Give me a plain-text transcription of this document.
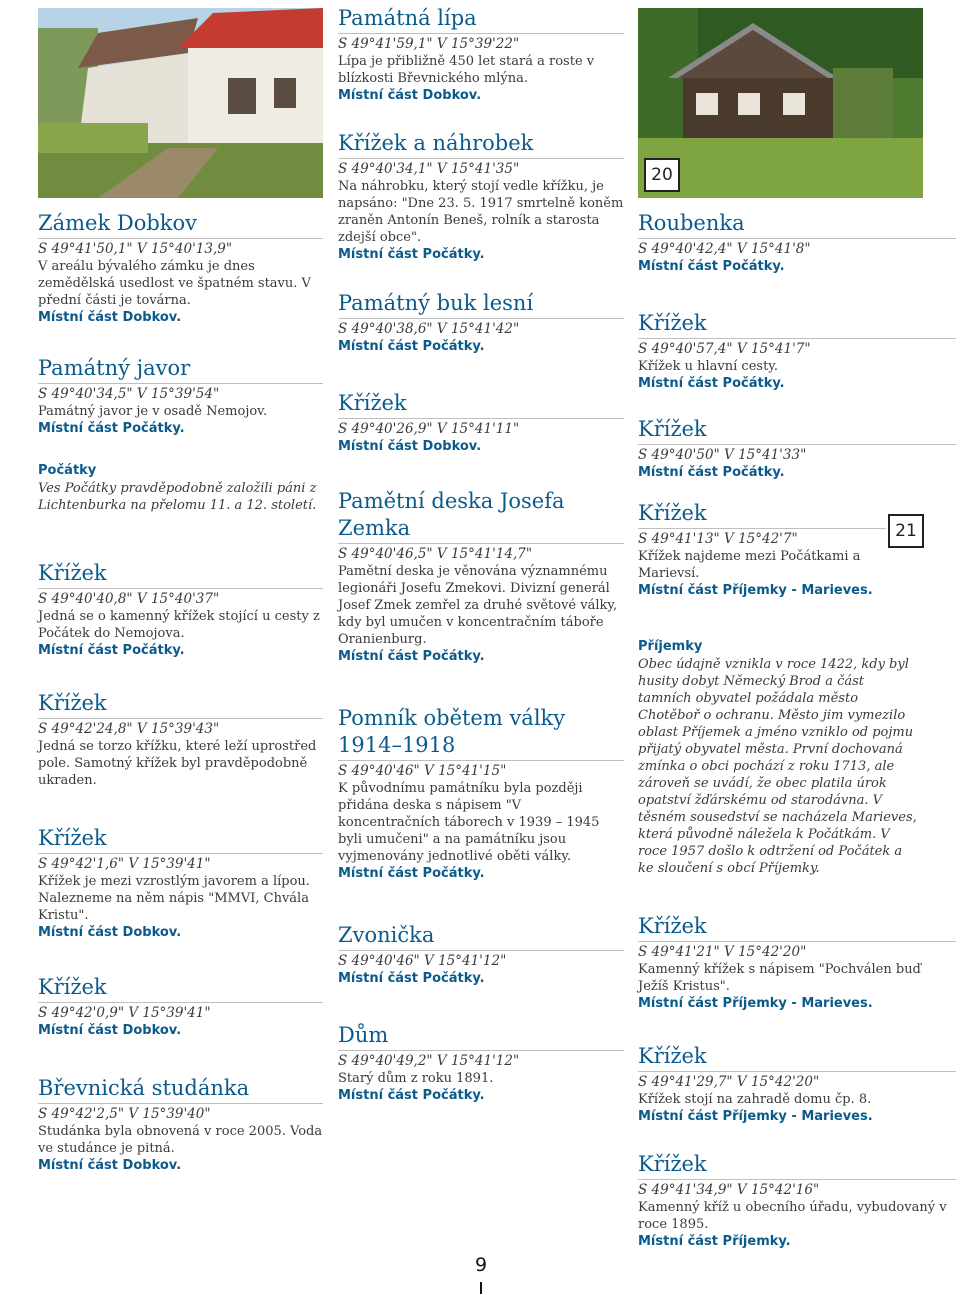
20
21
Zámek Dobkov
S 49°41'50,1" V 15°40'13,9"
V areálu bývalého zámku je dnes zemědělská usedlost ve špatném stavu. V přední části je továrna.
Místní část Dobkov.
Památný javor
S 49°40'34,5" V 15°39'54"
Památný javor je v osadě Nemojov.
Místní část Počátky.
Počátky
Ves Počátky pravděpodobně založili páni z Lichtenburka na přelomu 11. a 12. století.
Křížek
S 49°40'40,8" V 15°40'37"
Jedná se o kamenný křížek stojící u cesty z Počátek do Nemojova.
Místní část Počátky.
Křížek
S 49°42'24,8" V 15°39'43"
Jedná se torzo křížku, které leží uprostřed pole. Samotný křížek byl pravděpodobně ukraden.
Křížek
S 49°42'1,6" V 15°39'41"
Křížek je mezi vzrostlým javorem a lípou. Nalezneme na něm nápis "MMVI, Chvála Kristu".
Místní část Dobkov.
Křížek
S 49°42'0,9" V 15°39'41"
Místní část Dobkov.
Břevnická studánka
S 49°42'2,5" V 15°39'40"
Studánka byla obnovená v roce 2005. Voda ve studánce je pitná.
Místní část Dobkov.
Památná lípa
S 49°41'59,1" V 15°39'22"
Lípa je přibližně 450 let stará a roste v blízkosti Břevnického mlýna.
Místní část Dobkov.
Křížek a náhrobek
S 49°40'34,1" V 15°41'35"
Na náhrobku, který stojí vedle křížku, je napsáno: "Dne 23. 5. 1917 smrtelně koněm zraněn Antonín Beneš, rolník a starosta zdejší obce".
Místní část Počátky.
Památný buk lesní
S 49°40'38,6" V 15°41'42"
Místní část Počátky.
Křížek
S 49°40'26,9" V 15°41'11"
Místní část Dobkov.
Pamětní deska Josefa Zemka
S 49°40'46,5" V 15°41'14,7"
Pamětní deska je věnována významnému legionáři Josefu Zmekovi. Divizní generál Josef Zmek zemřel za druhé světové války, kdy byl umučen v koncentračním táboře Oranienburg.
Místní část Počátky.
Pomník obětem války 1914–1918
S 49°40'46" V 15°41'15"
K původnímu památníku byla později přidána deska s nápisem "V koncentračních táborech v 1939 – 1945 byli umučeni" a na památníku jsou vyjmenovány jednotlivé oběti války.
Místní část Počátky.
Zvonička
S 49°40'46" V 15°41'12"
Místní část Počátky.
Dům
S 49°40'49,2" V 15°41'12"
Starý dům z roku 1891.
Místní část Počátky.
Roubenka
S 49°40'42,4" V 15°41'8"
Místní část Počátky.
Křížek
S 49°40'57,4" V 15°41'7"
Křížek u hlavní cesty.
Místní část Počátky.
Křížek
S 49°40'50" V 15°41'33"
Místní část Počátky.
Křížek
S 49°41'13" V 15°42'7"
Křížek najdeme mezi Počátkami a Marievsí.
Místní část Příjemky - Marieves.
Příjemky
Obec údajně vznikla v roce 1422, kdy byl husity dobyt Německý Brod a část tamních obyvatel požádala město Chotěboř o ochranu. Město jim vymezilo oblast Příjemek a jméno vzniklo od pojmu přijatý obyvatel města. První dochovaná zmínka o obci pochází z roku 1713, ale zároveň se uvádí, že obec platila úrok opatství žďárskému od starodávna. V těsném sousedství se nacházela Marieves, která původně náležela k Počátkám. V roce 1957 došlo k odtržení od Počátek a ke sloučení s obcí Příjemky.
Křížek
S 49°41'21" V 15°42'20"
Kamenný křížek s nápisem "Pochválen buď Ježíš Kristus".
Místní část Příjemky - Marieves.
Křížek
S 49°41'29,7" V 15°42'20"
Křížek stojí na zahradě domu čp. 8.
Místní část Příjemky - Marieves.
Křížek
S 49°41'34,9" V 15°42'16"
Kamenný kříž u obecního úřadu, vybudovaný v roce 1895.
Místní část Příjemky.
9
